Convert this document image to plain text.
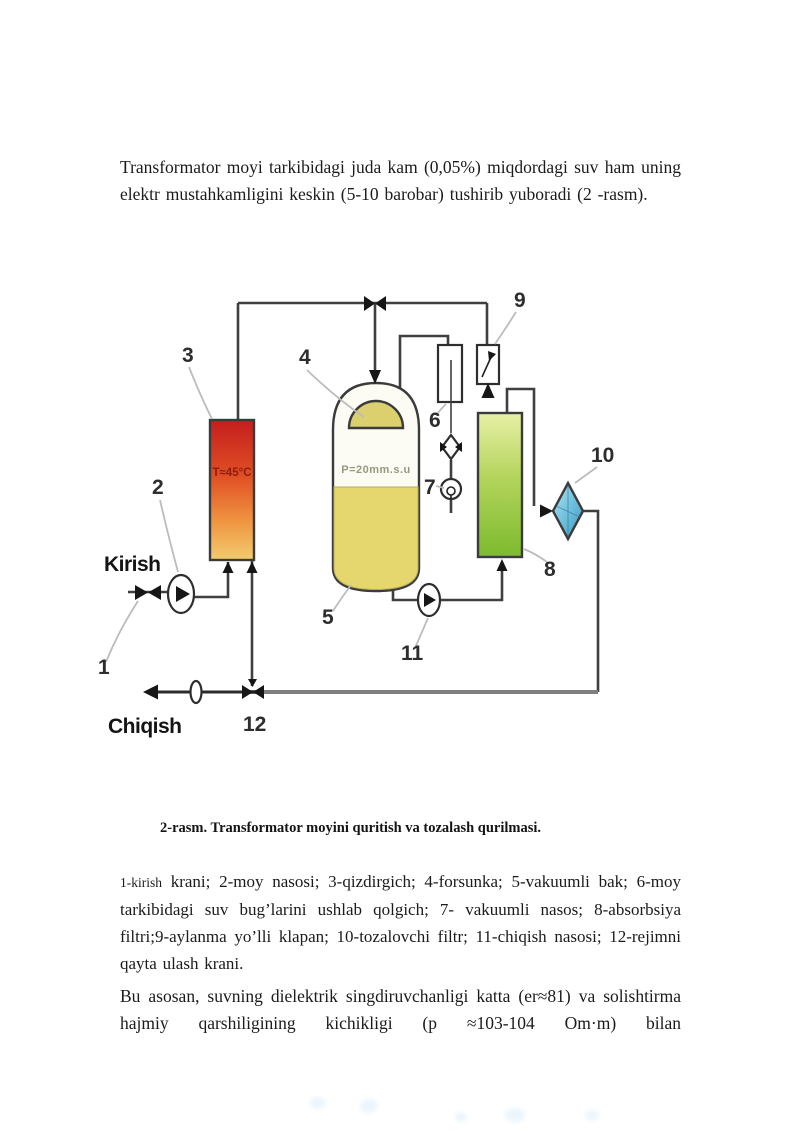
Transformator moyi tarkibidagi juda kam (0,05%) miqdordagi suv ham uning elektr mustahkamligini keskin (5-10 barobar) tushirib yuboradi (2 -rasm).

T≈45°C	P=20mm.s.u
1
2
3	4
5
6
7
8
9
10
11
12
Kirish
Chiqish
2-rasm. Transformator moyini quritish va tozalash qurilmasi.

1-kirish krani; 2-moy nasosi; 3-qizdirgich; 4-forsunka; 5-vakuumli bak; 6-moy tarkibidagi suv bug’larini ushlab qolgich; 7- vakuumli nasos; 8-absorbsiya filtri;9-aylanma yo’lli klapan; 10-tozalovchi filtr; 11-chiqish nasosi; 12-rejimni qayta ulash krani.

Bu asosan, suvning dielektrik singdiruvchanligi katta (er≈81) va solishtirma hajmiy qarshiligining kichikligi (p ≈103-104 Om·m) bilan
